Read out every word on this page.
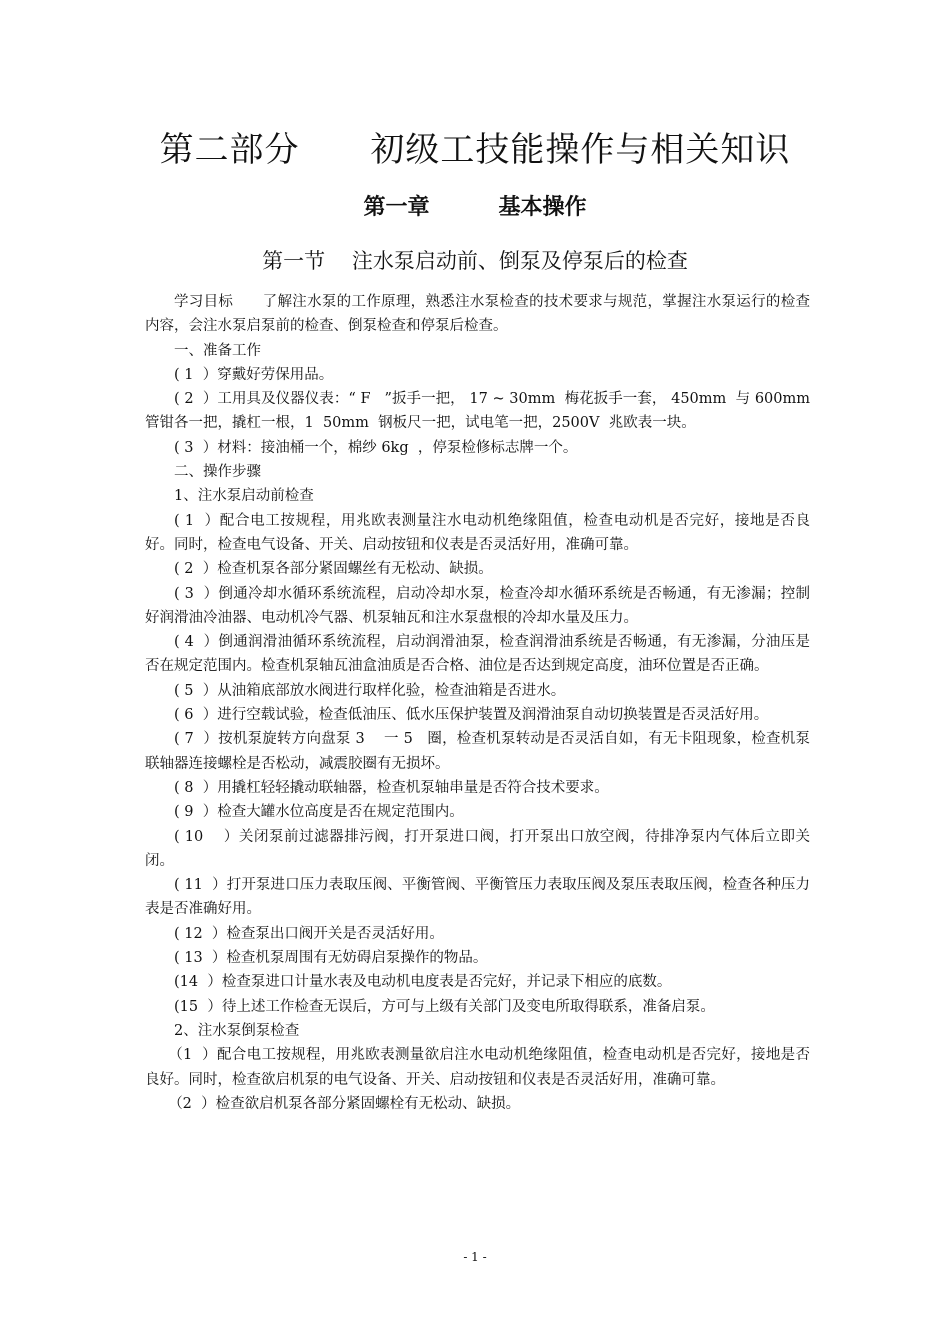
第二部分      初级工技能操作与相关知识
第一章         基本操作
第一节    注水泵启动前、倒泵及停泵后的检查

学习目标      了解注水泵的工作原理，熟悉注水泵检查的技术要求与规范，掌握注水泵运行的检查内容，会注水泵启泵前的检查、倒泵检查和停泵后检查。

一、准备工作

( 1  ）穿戴好劳保用品。

( 2  ）工用具及仪器仪表：“ F   ”扳手一把， 17 ~ 30mm  梅花扳手一套， 450mm  与 600mm 管钳各一把，撬杠一根，1  50mm  钢板尺一把，试电笔一把，2500V  兆欧表一块。

( 3  ）材料：接油桶一个，棉纱 6kg  ，停泵检修标志牌一个。

二、操作步骤

1、注水泵启动前检查

( 1  ）配合电工按规程，用兆欧表测量注水电动机绝缘阻值，检查电动机是否完好，接地是否良好。同时，检查电气设备、开关、启动按钮和仪表是否灵活好用，准确可靠。

( 2  ）检查机泵各部分紧固螺丝有无松动、缺损。

( 3  ）倒通冷却水循环系统流程，启动冷却水泵，检查冷却水循环系统是否畅通，有无渗漏；控制好润滑油冷油器、电动机冷气器、机泵轴瓦和注水泵盘根的冷却水量及压力。

( 4  ）倒通润滑油循环系统流程，启动润滑油泵，检查润滑油系统是否畅通，有无渗漏，分油压是否在规定范围内。检查机泵轴瓦油盒油质是否合格、油位是否达到规定高度，油环位置是否正确。

( 5  ）从油箱底部放水阀进行取样化验，检查油箱是否进水。

( 6  ）进行空载试验，检查低油压、低水压保护装置及润滑油泵自动切换装置是否灵活好用。

( 7  ）按机泵旋转方向盘泵 3    一 5   圈，检查机泵转动是否灵活自如，有无卡阻现象，检查机泵联轴器连接螺栓是否松动，减震胶圈有无损坏。

( 8  ）用撬杠轻轻撬动联轴器，检查机泵轴串量是否符合技术要求。

( 9  ）检查大罐水位高度是否在规定范围内。

( 10    ）关闭泵前过滤器排污阀，打开泵进口阀，打开泵出口放空阀，待排净泵内气体后立即关闭。

( 11  ）打开泵进口压力表取压阀、平衡管阀、平衡管压力表取压阀及泵压表取压阀，检查各种压力表是否准确好用。

( 12  ）检查泵出口阀开关是否灵活好用。

( 13  ）检查机泵周围有无妨碍启泵操作的物品。

(14  ）检查泵进口计量水表及电动机电度表是否完好，并记录下相应的底数。

(15  ）待上述工作检查无误后，方可与上级有关部门及变电所取得联系，准备启泵。

2、注水泵倒泵检查

（1  ）配合电工按规程，用兆欧表测量欲启注水电动机绝缘阻值，检查电动机是否完好，接地是否良好。同时，检查欲启机泵的电气设备、开关、启动按钮和仪表是否灵活好用，准确可靠。

（2  ）检查欲启机泵各部分紧固螺栓有无松动、缺损。

- 1 -
